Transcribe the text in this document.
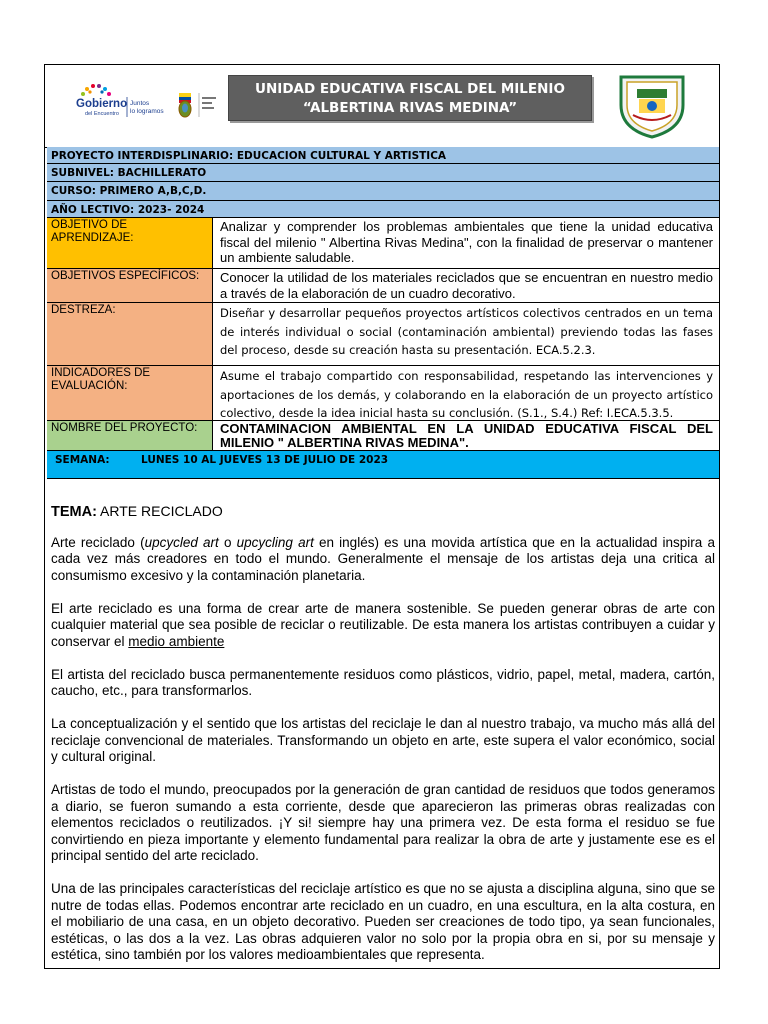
Gobierno
del Encuentro
Juntos
lo logramos
UNIDAD EDUCATIVA FISCAL DEL MILENIO
“ALBERTINA RIVAS MEDINA”
PROYECTO INTERDISPLINARIO: EDUCACION CULTURAL Y ARTISTICA
SUBNIVEL: BACHILLERATO
CURSO: PRIMERO A,B,C,D.
AÑO LECTIVO: 2023- 2024
OBJETIVO DE APRENDIZAJE:
Analizar y comprender los problemas ambientales que tiene la unidad educativa fiscal del milenio " Albertina Rivas Medina", con la finalidad de preservar o mantener un ambiente saludable.
OBJETIVOS ESPECÍFICOS:	Conocer la utilidad de los materiales reciclados que se encuentran en nuestro medio a través de la elaboración de un cuadro decorativo.
DESTREZA:	Diseñar y desarrollar pequeños proyectos artísticos colectivos centrados en un tema de interés individual o social (contaminación ambiental) previendo todas las fases del proceso, desde su creación hasta su presentación. ECA.5.2.3.
INDICADORES DE EVALUACIÓN:
Asume el trabajo compartido con responsabilidad, respetando las intervenciones y aportaciones de los demás, y colaborando en la elaboración de un proyecto artístico colectivo, desde la idea inicial hasta su conclusión. (S.1., S.4.) Ref: I.ECA.5.3.5.
NOMBRE DEL PROYECTO:	CONTAMINACION AMBIENTAL EN LA UNIDAD EDUCATIVA FISCAL DEL MILENIO " ALBERTINA RIVAS MEDINA".
SEMANA:	LUNES 10 AL JUEVES 13 DE JULIO DE 2023

TEMA: ARTE RECICLADO

Arte reciclado (upcycled art o upcycling art en inglés) es una movida artística que en la actualidad inspira a cada vez más creadores en todo el mundo. Generalmente el mensaje de los artistas deja una critica al consumismo excesivo y la contaminación planetaria.

El arte reciclado es una forma de crear arte de manera sostenible. Se pueden generar obras de arte con cualquier material que sea posible de reciclar o reutilizable. De esta manera los artistas contribuyen a cuidar y conservar el medio ambiente

El artista del reciclado busca permanentemente residuos como plásticos, vidrio, papel, metal, madera, cartón, caucho, etc., para transformarlos.

La conceptualización y el sentido que los artistas del reciclaje le dan al nuestro trabajo, va mucho más allá del reciclaje convencional de materiales. Transformando un objeto en arte, este supera el valor económico, social y cultural original.

Artistas de todo el mundo, preocupados por la generación de gran cantidad de residuos que todos generamos a diario, se fueron sumando a esta corriente, desde que aparecieron las primeras obras realizadas con elementos reciclados o reutilizados. ¡Y si! siempre hay una primera vez. De esta forma el residuo se fue convirtiendo en pieza importante y elemento fundamental para realizar la obra de arte y justamente ese es el principal sentido del arte reciclado.

Una de las principales características del reciclaje artístico es que no se ajusta a disciplina alguna, sino que se nutre de todas ellas. Podemos encontrar arte reciclado en un cuadro, en una escultura, en la alta costura, en el mobiliario de una casa, en un objeto decorativo. Pueden ser creaciones de todo tipo, ya sean funcionales, estéticas, o las dos a la vez. Las obras adquieren valor no solo por la propia obra en si, por su mensaje y estética, sino también por los valores medioambientales que representa.
